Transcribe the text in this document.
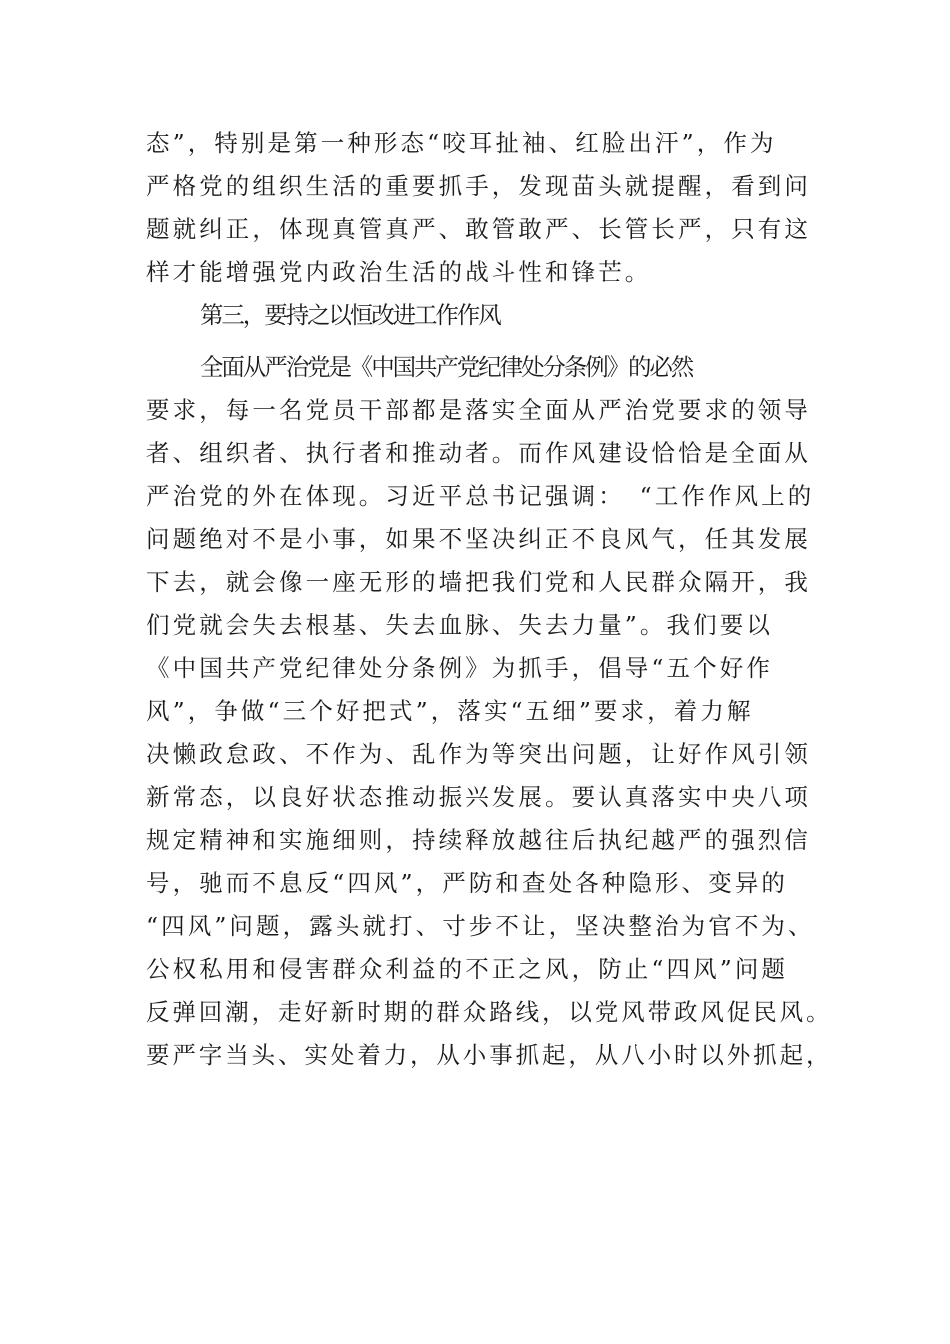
态”，特别是第一种形态“咬耳扯袖、红脸出汗”，作为
严格党的组织生活的重要抓手，发现苗头就提醒，看到问
题就纠正，体现真管真严、敢管敢严、长管长严，只有这
样才能增强党内政治生活的战斗性和锋芒。
第三，要持之以恒改进工作作风
全面从严治党是《中国共产党纪律处分条例》的必然
要求，每一名党员干部都是落实全面从严治党要求的领导
者、组织者、执行者和推动者。而作风建设恰恰是全面从
严治党的外在体现。习近平总书记强调：　“工作作风上的
问题绝对不是小事，如果不坚决纠正不良风气，任其发展
下去，就会像一座无形的墙把我们党和人民群众隔开，我
们党就会失去根基、失去血脉、失去力量”。我们要以
《中国共产党纪律处分条例》为抓手，倡导“五个好作
风”，争做“三个好把式”，落实“五细”要求，着力解
决懒政怠政、不作为、乱作为等突出问题，让好作风引领
新常态，以良好状态推动振兴发展。要认真落实中央八项
规定精神和实施细则，持续释放越往后执纪越严的强烈信
号，驰而不息反“四风”，严防和查处各种隐形、变异的
“四风”问题，露头就打、寸步不让，坚决整治为官不为、
公权私用和侵害群众利益的不正之风，防止“四风”问题
反弹回潮，走好新时期的群众路线，以党风带政风促民风。
要严字当头、实处着力，从小事抓起，从八小时以外抓起，
